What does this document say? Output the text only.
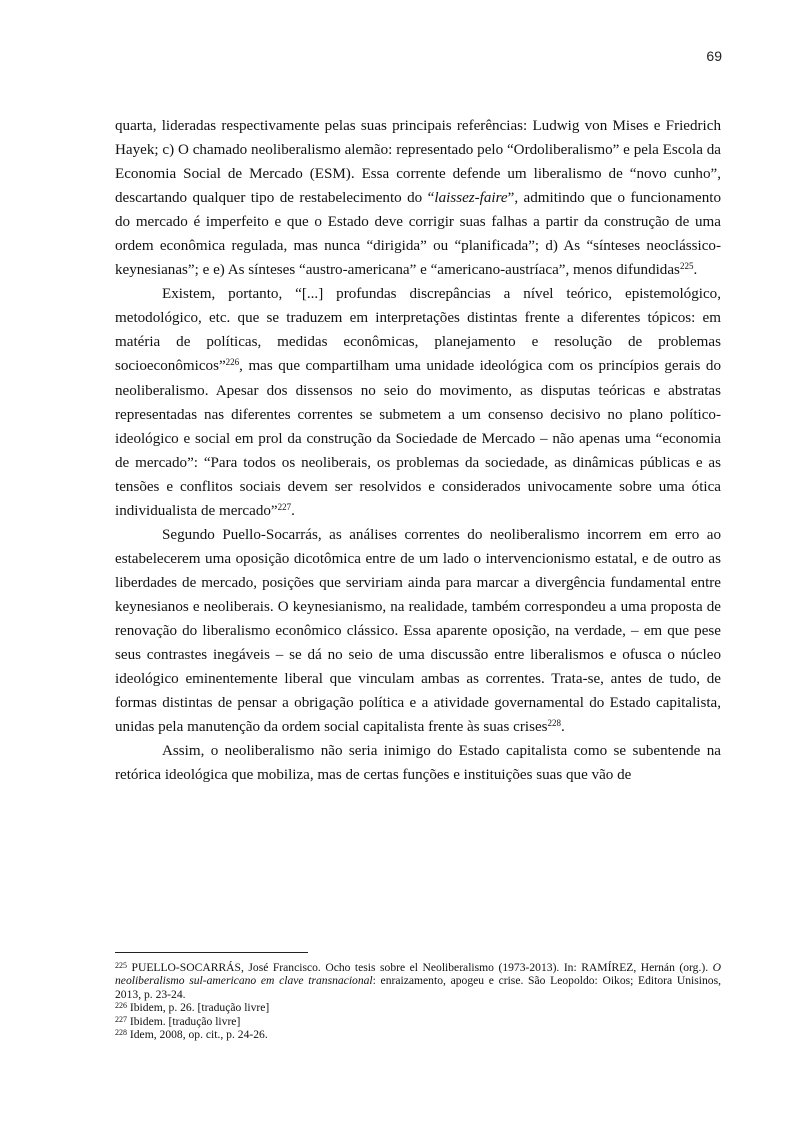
69

quarta, lideradas respectivamente pelas suas principais referências: Ludwig von Mises e Friedrich Hayek; c) O chamado neoliberalismo alemão: representado pelo “Ordoliberalismo” e pela Escola da Economia Social de Mercado (ESM). Essa corrente defende um liberalismo de “novo cunho”, descartando qualquer tipo de restabelecimento do “laissez-faire”, admitindo que o funcionamento do mercado é imperfeito e que o Estado deve corrigir suas falhas a partir da construção de uma ordem econômica regulada, mas nunca “dirigida” ou “planificada”; d) As “sínteses neoclássico-keynesianas”; e e) As sínteses “austro-americana” e “americano-austríaca”, menos difundidas$^{225}$.

Existem, portanto, “[...] profundas discrepâncias a nível teórico, epistemológico, metodológico, etc. que se traduzem em interpretações distintas frente a diferentes tópicos: em matéria de políticas, medidas econômicas, planejamento e resolução de problemas socioeconômicos”$^{226}$, mas que compartilham uma unidade ideológica com os princípios gerais do neoliberalismo. Apesar dos dissensos no seio do movimento, as disputas teóricas e abstratas representadas nas diferentes correntes se submetem a um consenso decisivo no plano político-ideológico e social em prol da construção da Sociedade de Mercado – não apenas uma “economia de mercado”: “Para todos os neoliberais, os problemas da sociedade, as dinâmicas públicas e as tensões e conflitos sociais devem ser resolvidos e considerados univocamente sobre uma ótica individualista de mercado”$^{227}$.

Segundo Puello-Socarrás, as análises correntes do neoliberalismo incorrem em erro ao estabelecerem uma oposição dicotômica entre de um lado o intervencionismo estatal, e de outro as liberdades de mercado, posições que serviriam ainda para marcar a divergência fundamental entre keynesianos e neoliberais. O keynesianismo, na realidade, também correspondeu a uma proposta de renovação do liberalismo econômico clássico. Essa aparente oposição, na verdade, – em que pese seus contrastes inegáveis – se dá no seio de uma discussão entre liberalismos e ofusca o núcleo ideológico eminentemente liberal que vinculam ambas as correntes. Trata-se, antes de tudo, de formas distintas de pensar a obrigação política e a atividade governamental do Estado capitalista, unidas pela manutenção da ordem social capitalista frente às suas crises$^{228}$.

Assim, o neoliberalismo não seria inimigo do Estado capitalista como se subentende na retórica ideológica que mobiliza, mas de certas funções e instituições suas que vão de

$^{225}$ PUELLO-SOCARRÁS, José Francisco. Ocho tesis sobre el Neoliberalismo (1973-2013). In: RAMÍREZ, Hernán (org.). O neoliberalismo sul-americano em clave transnacional: enraizamento, apogeu e crise. São Leopoldo: Oikos; Editora Unisinos, 2013, p. 23-24.

$^{226}$ Ibidem, p. 26. [tradução livre]

$^{227}$ Ibidem. [tradução livre]

$^{228}$ Idem, 2008, op. cit., p. 24-26.
